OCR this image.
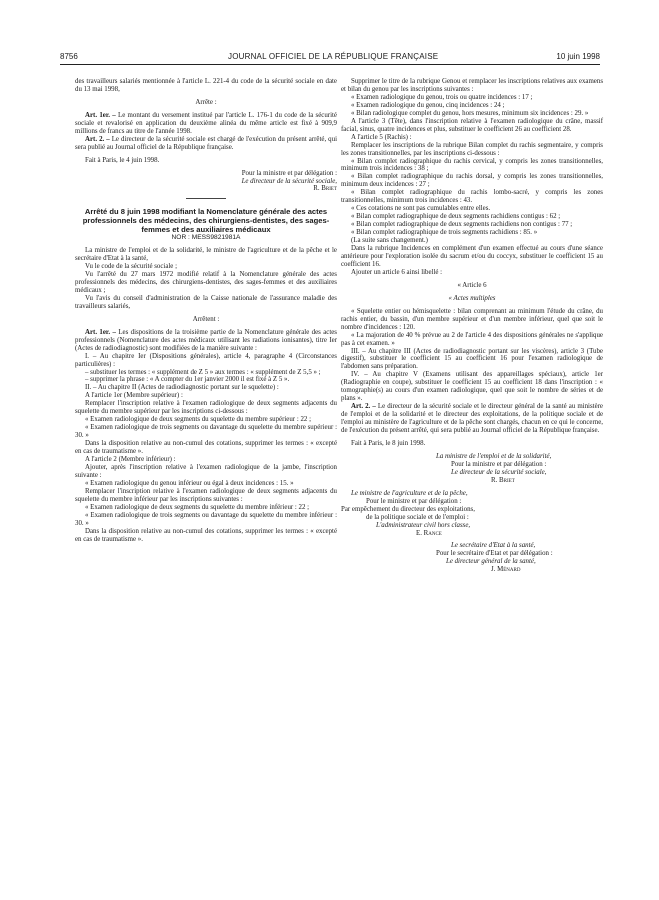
8756	JOURNAL OFFICIEL DE LA RÉPUBLIQUE FRANÇAISE	10 juin 1998

des travailleurs salariés mentionnée à l'article L. 221-4 du code de la sécurité sociale en date du 13 mai 1998,

Arrête :

Art. 1er. – Le montant du versement institué par l'article L. 176-1 du code de la sécurité sociale et revalorisé en application du deuxième alinéa du même article est fixé à 909,9 millions de francs au titre de l'année 1998.

Art. 2. – Le directeur de la sécurité sociale est chargé de l'exécution du présent arrêté, qui sera publié au Journal officiel de la République française.

Fait à Paris, le 4 juin 1998.

Pour la ministre et par délégation :

Le directeur de la sécurité sociale,

R. Briet

Arrêté du 8 juin 1998 modifiant la Nomenclature générale des actes professionnels des médecins, des chirurgiens-dentistes, des sages-femmes et des auxiliaires médicaux

NOR : MESS9821981A

La ministre de l'emploi et de la solidarité, le ministre de l'agriculture et de la pêche et le secrétaire d'Etat à la santé,

Vu le code de la sécurité sociale ;

Vu l'arrêté du 27 mars 1972 modifié relatif à la Nomenclature générale des actes professionnels des médecins, des chirurgiens-dentistes, des sages-femmes et des auxiliaires médicaux ;

Vu l'avis du conseil d'administration de la Caisse nationale de l'assurance maladie des travailleurs salariés,

Arrêtent :

Art. 1er. – Les dispositions de la troisième partie de la Nomenclature générale des actes professionnels (Nomenclature des actes médicaux utilisant les radiations ionisantes), titre Ier (Actes de radiodiagnostic) sont modifiées de la manière suivante :

I. – Au chapitre Ier (Dispositions générales), article 4, paragraphe 4 (Circonstances particulières) :

– substituer les termes : « supplément de Z 5 » aux termes : « supplément de Z 5,5 » ;

– supprimer la phrase : « A compter du 1er janvier 2000 il est fixé à Z 5 ».

II. – Au chapitre II (Actes de radiodiagnostic portant sur le squelette) :

A l'article 1er (Membre supérieur) :

Remplacer l'inscription relative à l'examen radiologique de deux segments adjacents du squelette du membre supérieur par les inscriptions ci-dessous :

« Examen radiologique de deux segments du squelette du membre supérieur : 22 ;

« Examen radiologique de trois segments ou davantage du squelette du membre supérieur : 30. »

Dans la disposition relative au non-cumul des cotations, supprimer les termes : « excepté en cas de traumatisme ».

A l'article 2 (Membre inférieur) :

Ajouter, après l'inscription relative à l'examen radiologique de la jambe, l'inscription suivante :

« Examen radiologique du genou inférieur ou égal à deux incidences : 15. »

Remplacer l'inscription relative à l'examen radiologique de deux segments adjacents du squelette du membre inférieur par les inscriptions suivantes :

« Examen radiologique de deux segments du squelette du membre inférieur : 22 ;

« Examen radiologique de trois segments ou davantage du squelette du membre inférieur : 30. »

Dans la disposition relative au non-cumul des cotations, supprimer les termes : « excepté en cas de traumatisme ».

Supprimer le titre de la rubrique Genou et remplacer les inscriptions relatives aux examens et bilan du genou par les inscriptions suivantes :

« Examen radiologique du genou, trois ou quatre incidences : 17 ;

« Examen radiologique du genou, cinq incidences : 24 ;

« Bilan radiologique complet du genou, hors mesures, minimum six incidences : 29. »

A l'article 3 (Tête), dans l'inscription relative à l'examen radiologique du crâne, massif facial, sinus, quatre incidences et plus, substituer le coefficient 26 au coefficient 28.

A l'article 5 (Rachis) :

Remplacer les inscriptions de la rubrique Bilan complet du rachis segmentaire, y compris les zones transitionnelles, par les inscriptions ci-dessous :

« Bilan complet radiographique du rachis cervical, y compris les zones transitionnelles, minimum trois incidences : 38 ;

« Bilan complet radiographique du rachis dorsal, y compris les zones transitionnelles, minimum deux incidences : 27 ;

« Bilan complet radiographique du rachis lombo-sacré, y compris les zones transitionnelles, minimum trois incidences : 43.

« Ces cotations ne sont pas cumulables entre elles.

« Bilan complet radiographique de deux segments rachidiens contigus : 62 ;

« Bilan complet radiographique de deux segments rachidiens non contigus : 77 ;

« Bilan complet radiographique de trois segments rachidiens : 85. »

(La suite sans changement.)

Dans la rubrique Incidences en complément d'un examen effectué au cours d'une séance antérieure pour l'exploration isolée du sacrum et/ou du coccyx, substituer le coefficient 15 au coefficient 16.

Ajouter un article 6 ainsi libellé :

« Article 6

« Actes multiples

« Squelette entier ou hémisquelette : bilan comprenant au minimum l'étude du crâne, du rachis entier, du bassin, d'un membre supérieur et d'un membre inférieur, quel que soit le nombre d'incidences : 120.

« La majoration de 40 % prévue au 2 de l'article 4 des dispositions générales ne s'applique pas à cet examen. »

III. – Au chapitre III (Actes de radiodiagnostic portant sur les viscères), article 3 (Tube digestif), substituer le coefficient 15 au coefficient 16 pour l'examen radiologique de l'abdomen sans préparation.

IV. – Au chapitre V (Examens utilisant des appareillages spéciaux), article 1er (Radiographie en coupe), substituer le coefficient 15 au coefficient 18 dans l'inscription : « tomographie(s) au cours d'un examen radiologique, quel que soit le nombre de séries et de plans ».

Art. 2. – Le directeur de la sécurité sociale et le directeur général de la santé au ministère de l'emploi et de la solidarité et le directeur des exploitations, de la politique sociale et de l'emploi au ministère de l'agriculture et de la pêche sont chargés, chacun en ce qui le concerne, de l'exécution du présent arrêté, qui sera publié au Journal officiel de la République française.

Fait à Paris, le 8 juin 1998.

La ministre de l'emploi et de la solidarité,

Pour la ministre et par délégation :

Le directeur de la sécurité sociale,

R. Briet

Le ministre de l'agriculture et de la pêche,

Pour le ministre et par délégation :

Par empêchement du directeur des exploitations,

de la politique sociale et de l'emploi :

L'administrateur civil hors classe,

E. Rance

Le secrétaire d'Etat à la santé,

Pour le secrétaire d'Etat et par délégation :

Le directeur général de la santé,

J. Ménard
